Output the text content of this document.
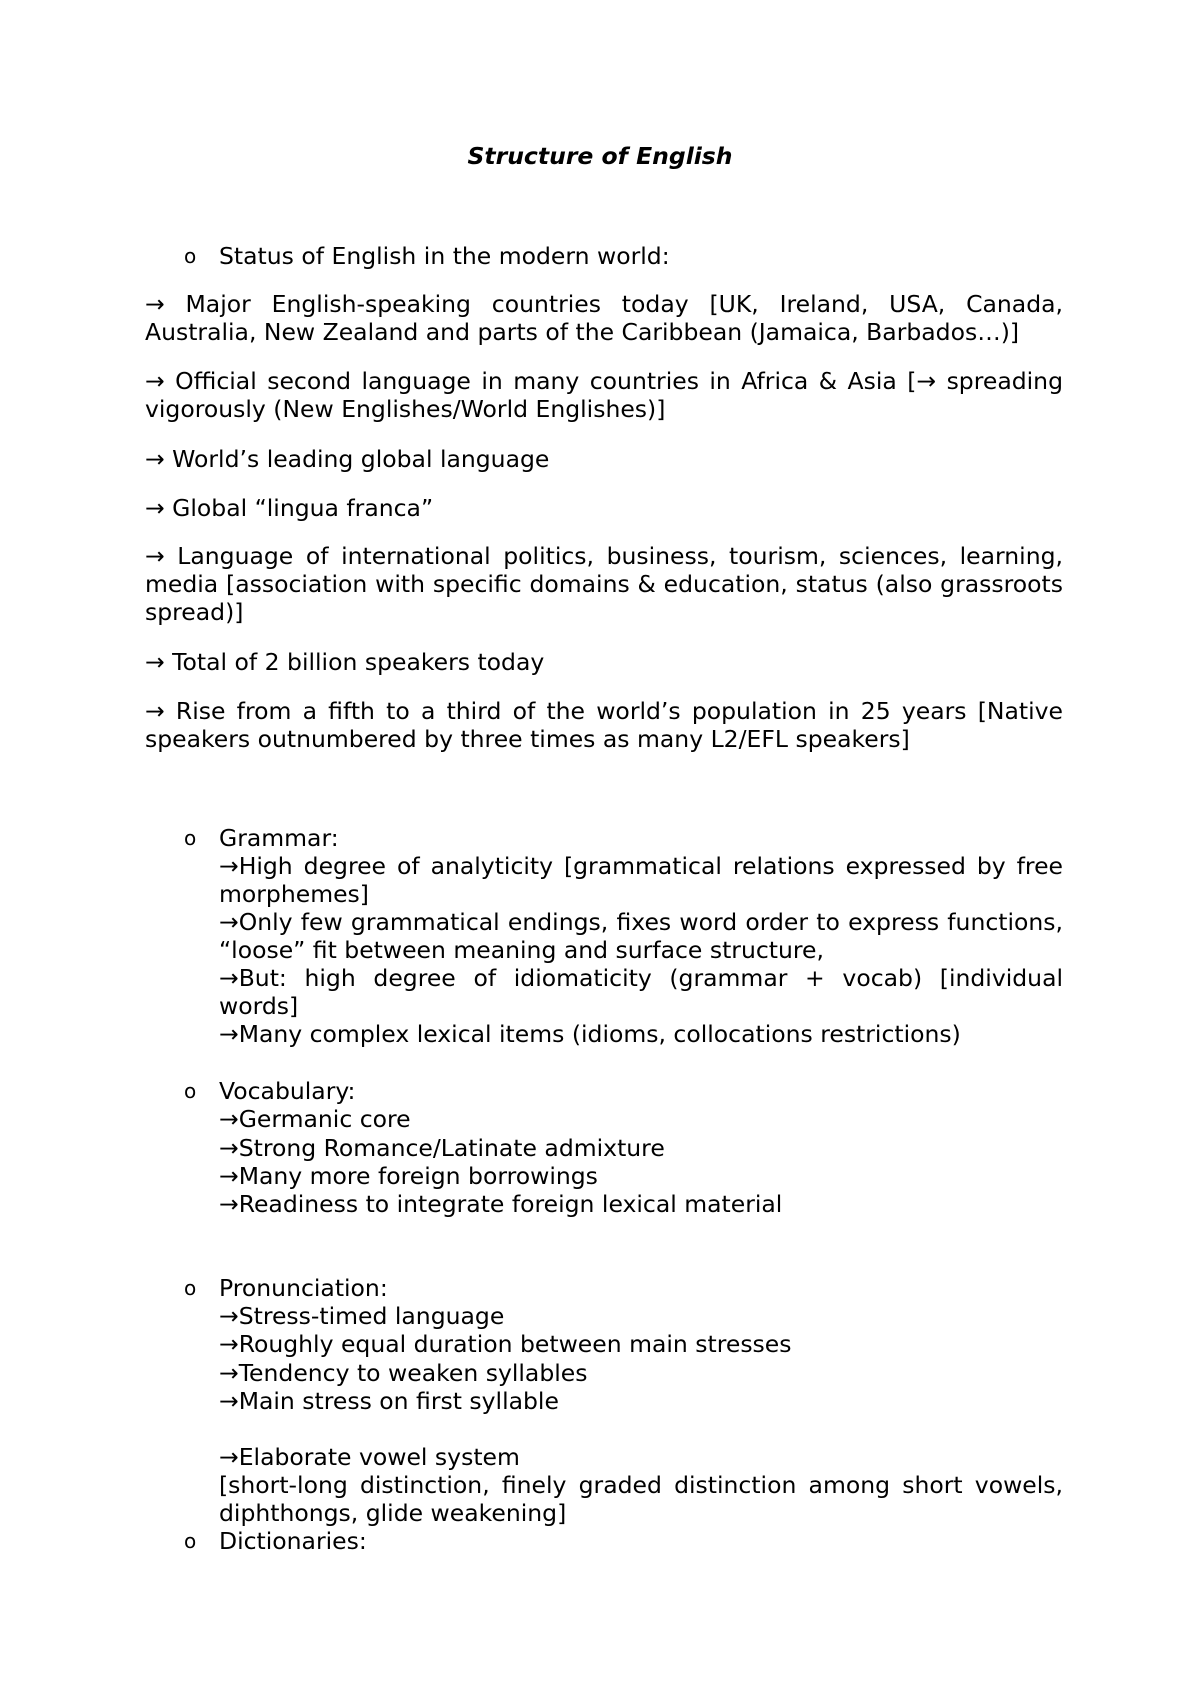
Structure of English
o Status of English in the modern world:
→ Major English-speaking countries today [UK, Ireland, USA, Canada, Australia, New Zealand and parts of the Caribbean (Jamaica, Barbados…)]
→ Official second language in many countries in Africa & Asia [→ spreading vigorously (New Englishes/World Englishes)]
→ World’s leading global language
→ Global “lingua franca”
→ Language of international politics, business, tourism, sciences, learning, media [association with specific domains & education, status (also grassroots spread)]
→ Total of 2 billion speakers today
→ Rise from a fifth to a third of the world’s population in 25 years [Native speakers outnumbered by three times as many L2/EFL speakers]
o Grammar:
→High degree of analyticity [grammatical relations expressed by free morphemes]
→Only few grammatical endings, fixes word order to express functions, “loose” fit between meaning and surface structure,
→But: high degree of idiomaticity (grammar + vocab) [individual words]
→Many complex lexical items (idioms, collocations restrictions)
o Vocabulary:
→Germanic core
→Strong Romance/Latinate admixture
→Many more foreign borrowings
→Readiness to integrate foreign lexical material
o Pronunciation:
→Stress-timed language
→Roughly equal duration between main stresses
→Tendency to weaken syllables
→Main stress on first syllable
→Elaborate vowel system
[short-long distinction, finely graded distinction among short vowels, diphthongs, glide weakening]
o Dictionaries:
